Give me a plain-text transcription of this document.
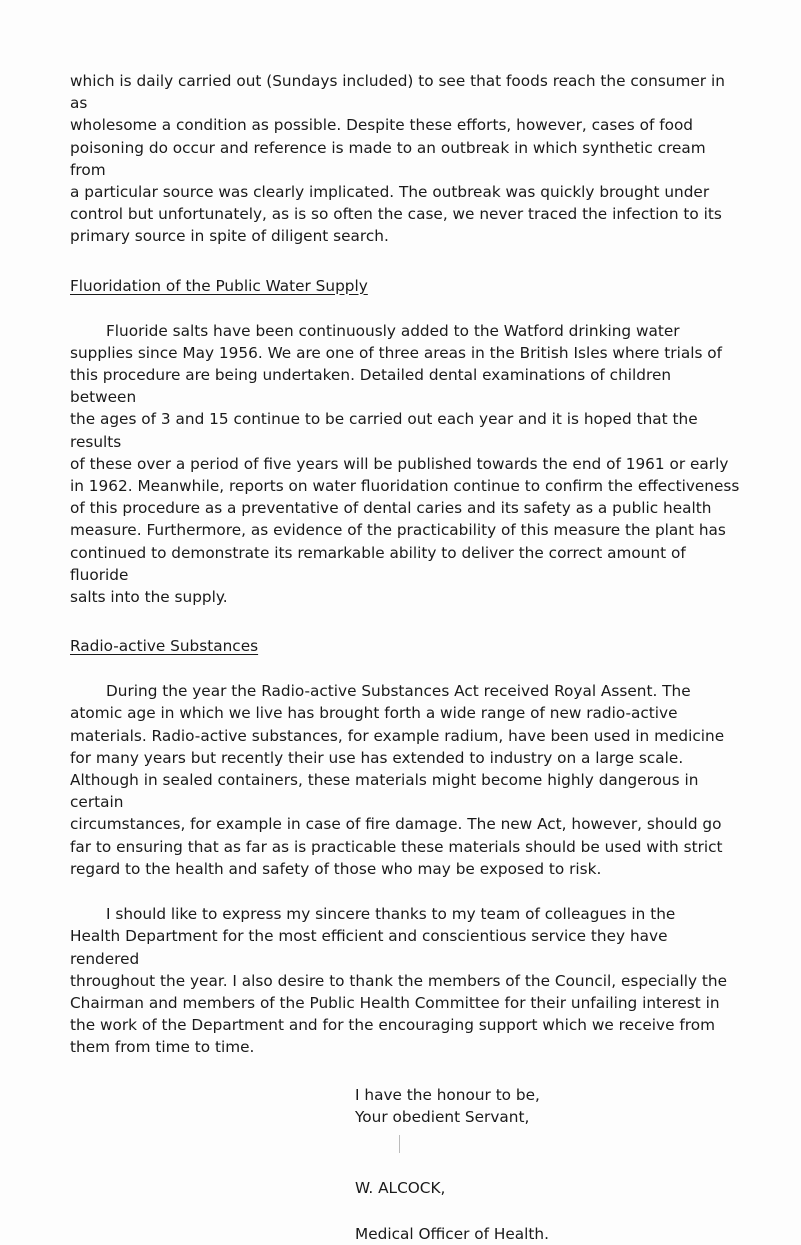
which is daily carried out (Sundays included) to see that foods reach the consumer in as
wholesome a condition as possible. Despite these efforts, however, cases of food
poisoning do occur and reference is made to an outbreak in which synthetic cream from
a particular source was clearly implicated. The outbreak was quickly brought under
control but unfortunately, as is so often the case, we never traced the infection to its
primary source in spite of diligent search.

Fluoridation of the Public Water Supply

Fluoride salts have been continuously added to the Watford drinking water
supplies since May 1956. We are one of three areas in the British Isles where trials of
this procedure are being undertaken. Detailed dental examinations of children between
the ages of 3 and 15 continue to be carried out each year and it is hoped that the results
of these over a period of five years will be published towards the end of 1961 or early
in 1962. Meanwhile, reports on water fluoridation continue to confirm the effectiveness
of this procedure as a preventative of dental caries and its safety as a public health
measure. Furthermore, as evidence of the practicability of this measure the plant has
continued to demonstrate its remarkable ability to deliver the correct amount of fluoride
salts into the supply.

Radio-active Substances

During the year the Radio-active Substances Act received Royal Assent. The
atomic age in which we live has brought forth a wide range of new radio-active
materials. Radio-active substances, for example radium, have been used in medicine
for many years but recently their use has extended to industry on a large scale.
Although in sealed containers, these materials might become highly dangerous in certain
circumstances, for example in case of fire damage. The new Act, however, should go
far to ensuring that as far as is practicable these materials should be used with strict
regard to the health and safety of those who may be exposed to risk.

I should like to express my sincere thanks to my team of colleagues in the
Health Department for the most efficient and conscientious service they have rendered
throughout the year. I also desire to thank the members of the Council, especially the
Chairman and members of the Public Health Committee for their unfailing interest in
the work of the Department and for the encouraging support which we receive from
them from time to time.

I have the honour to be,
Your obedient Servant,

W. ALCOCK,

Medical Officer of Health.
